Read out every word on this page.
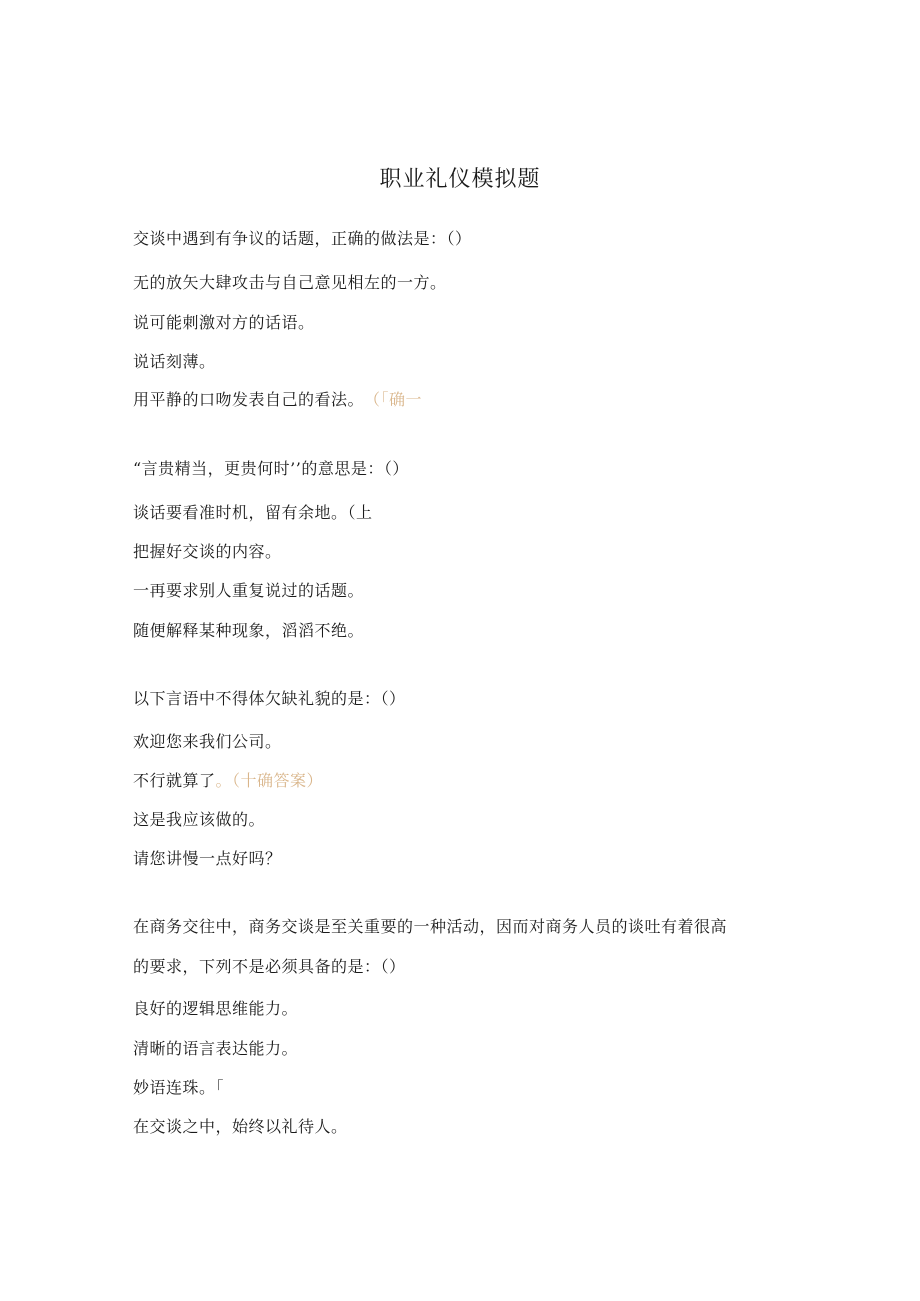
职业礼仪模拟题
交谈中遇到有争议的话题，正确的做法是：（）
无的放矢大肆攻击与自己意见相左的一方。
说可能刺激对方的话语。
说话刻薄。
用平静的口吻发表自己的看法。 （「确一
“言贵精当，更贵何时’’的意思是：（）
谈话要看准时机，留有余地。（上
把握好交谈的内容。
一再要求别人重复说过的话题。
随便解释某种现象，滔滔不绝。
以下言语中不得体欠缺礼貌的是：（）
欢迎您来我们公司。
不行就算了。（十确答案）
这是我应该做的。
请您讲慢一点好吗？
在商务交往中，商务交谈是至关重要的一种活动，因而对商务人员的谈吐有着很高
的要求，下列不是必须具备的是：（）
良好的逻辑思维能力。
清晰的语言表达能力。
妙语连珠。「
在交谈之中，始终以礼待人。
